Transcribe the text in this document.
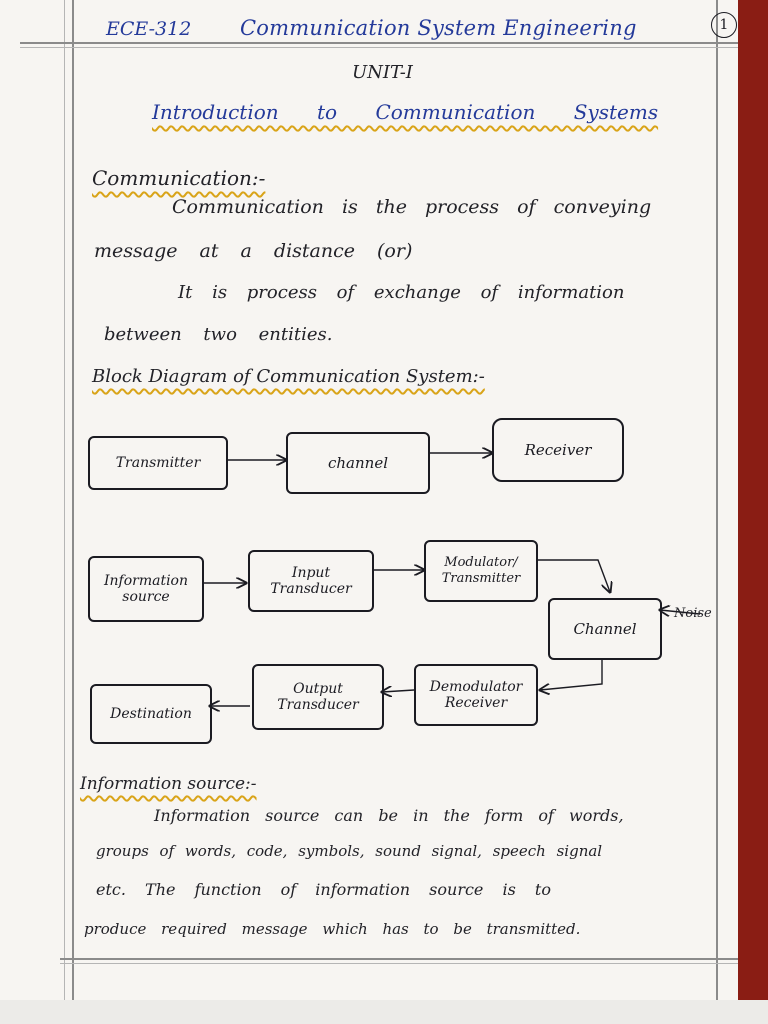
ECE-312 Communication System Engineering	1
UNIT-I
Introduction to Communication Systems
Communication:-
Communication is the process of conveying
message at a distance (or)
It is process of exchange of information
between two entities.
Block Diagram of Communication System:-
Transmitter	channel
Receiver
Information source
Input Transducer
Modulator/ Transmitter
Channel
Noise
Demodulator Receiver
Output Transducer
Destination
Information source:-
Information source can be in the form of words,
groups of words, code, symbols, sound signal, speech signal
etc. The function of information source is to
produce required message which has to be transmitted.
